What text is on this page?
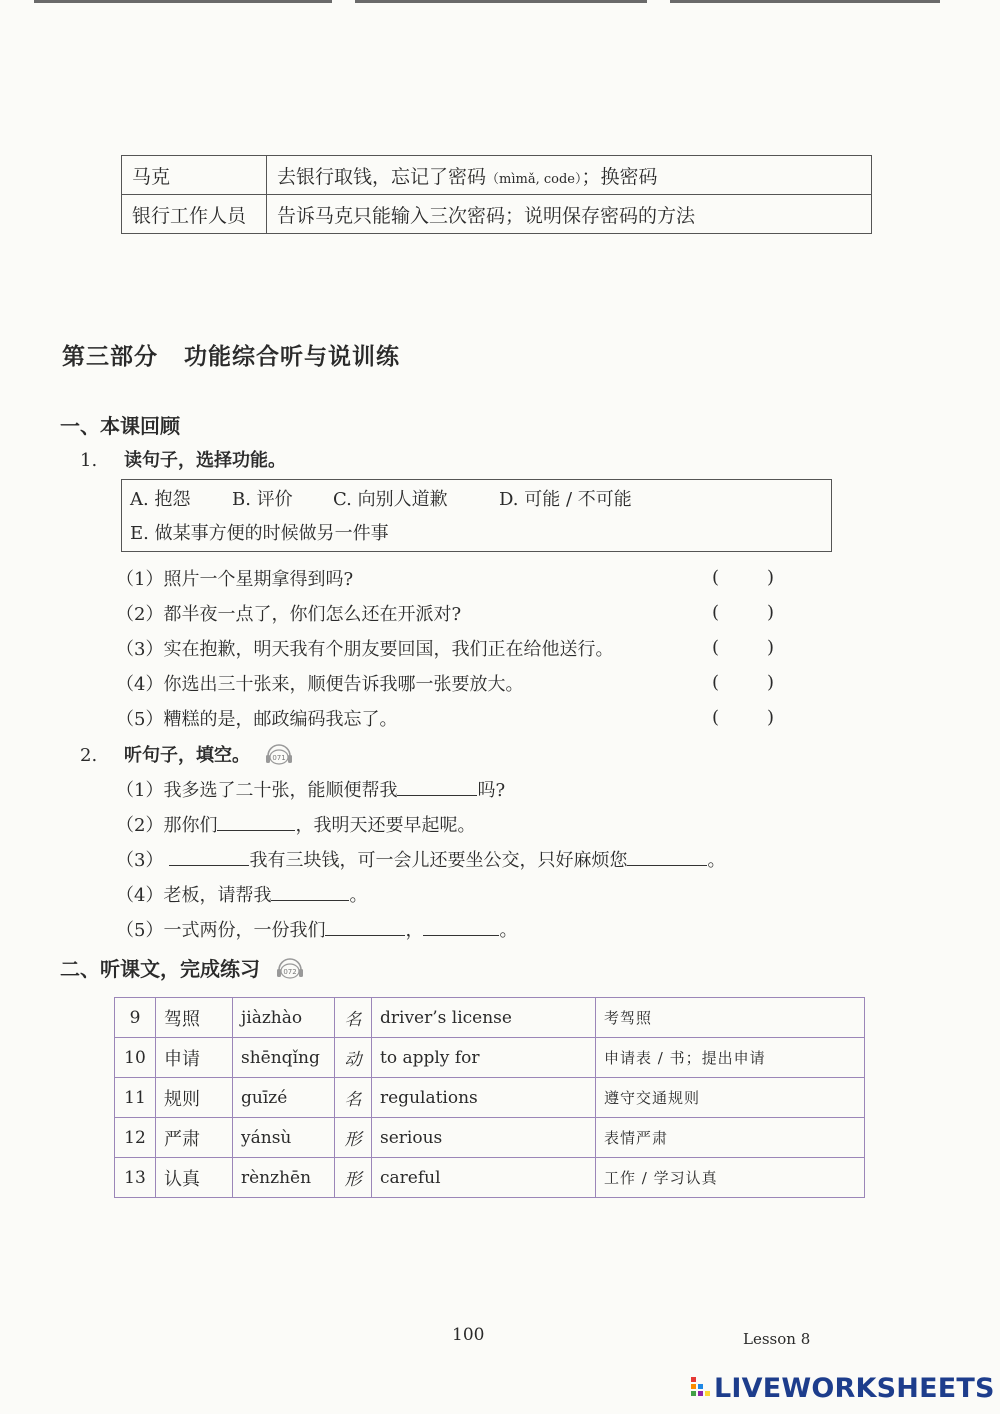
马克	去银行取钱，忘记了密码（mìmǎ, code）；换密码
银行工作人员	告诉马克只能输入三次密码；说明保存密码的方法
第三部分 功能综合听与说训练
一、本课回顾
1. 读句子，选择功能。
A. 抱怨 B. 评价 C. 向别人道歉	D. 可能 / 不可能
E. 做某事方便的时候做另一件事
（1）照片一个星期拿得到吗?	(	)
（2）都半夜一点了，你们怎么还在开派对?	(	)
（3）实在抱歉，明天我有个朋友要回国，我们正在给他送行。	(	)
（4）你选出三十张来，顺便告诉我哪一张要放大。	(	)
（5）糟糕的是，邮政编码我忘了。	(	)
2. 听句子，填空。	071
（1）我多选了二十张，能顺便帮我	吗?
（2）那你们	，我明天还要早起呢。
（3）	我有三块钱，可一会儿还要坐公交，只好麻烦您	。
（4）老板，请帮我	。
（5）一式两份，一份我们	，	。
二、听课文，完成练习	072
9	驾照	jiàzhào	名	driver’s license	考驾照
10	申请	shēnqǐng	动	to apply for	申请表 / 书；提出申请
11	规则	guīzé	名	regulations	遵守交通规则
12	严肃	yánsù	形	serious	表情严肃
13	认真	rènzhēn	形	careful	工作 / 学习认真
100	Lesson 8
LIVEWORKSHEETS
